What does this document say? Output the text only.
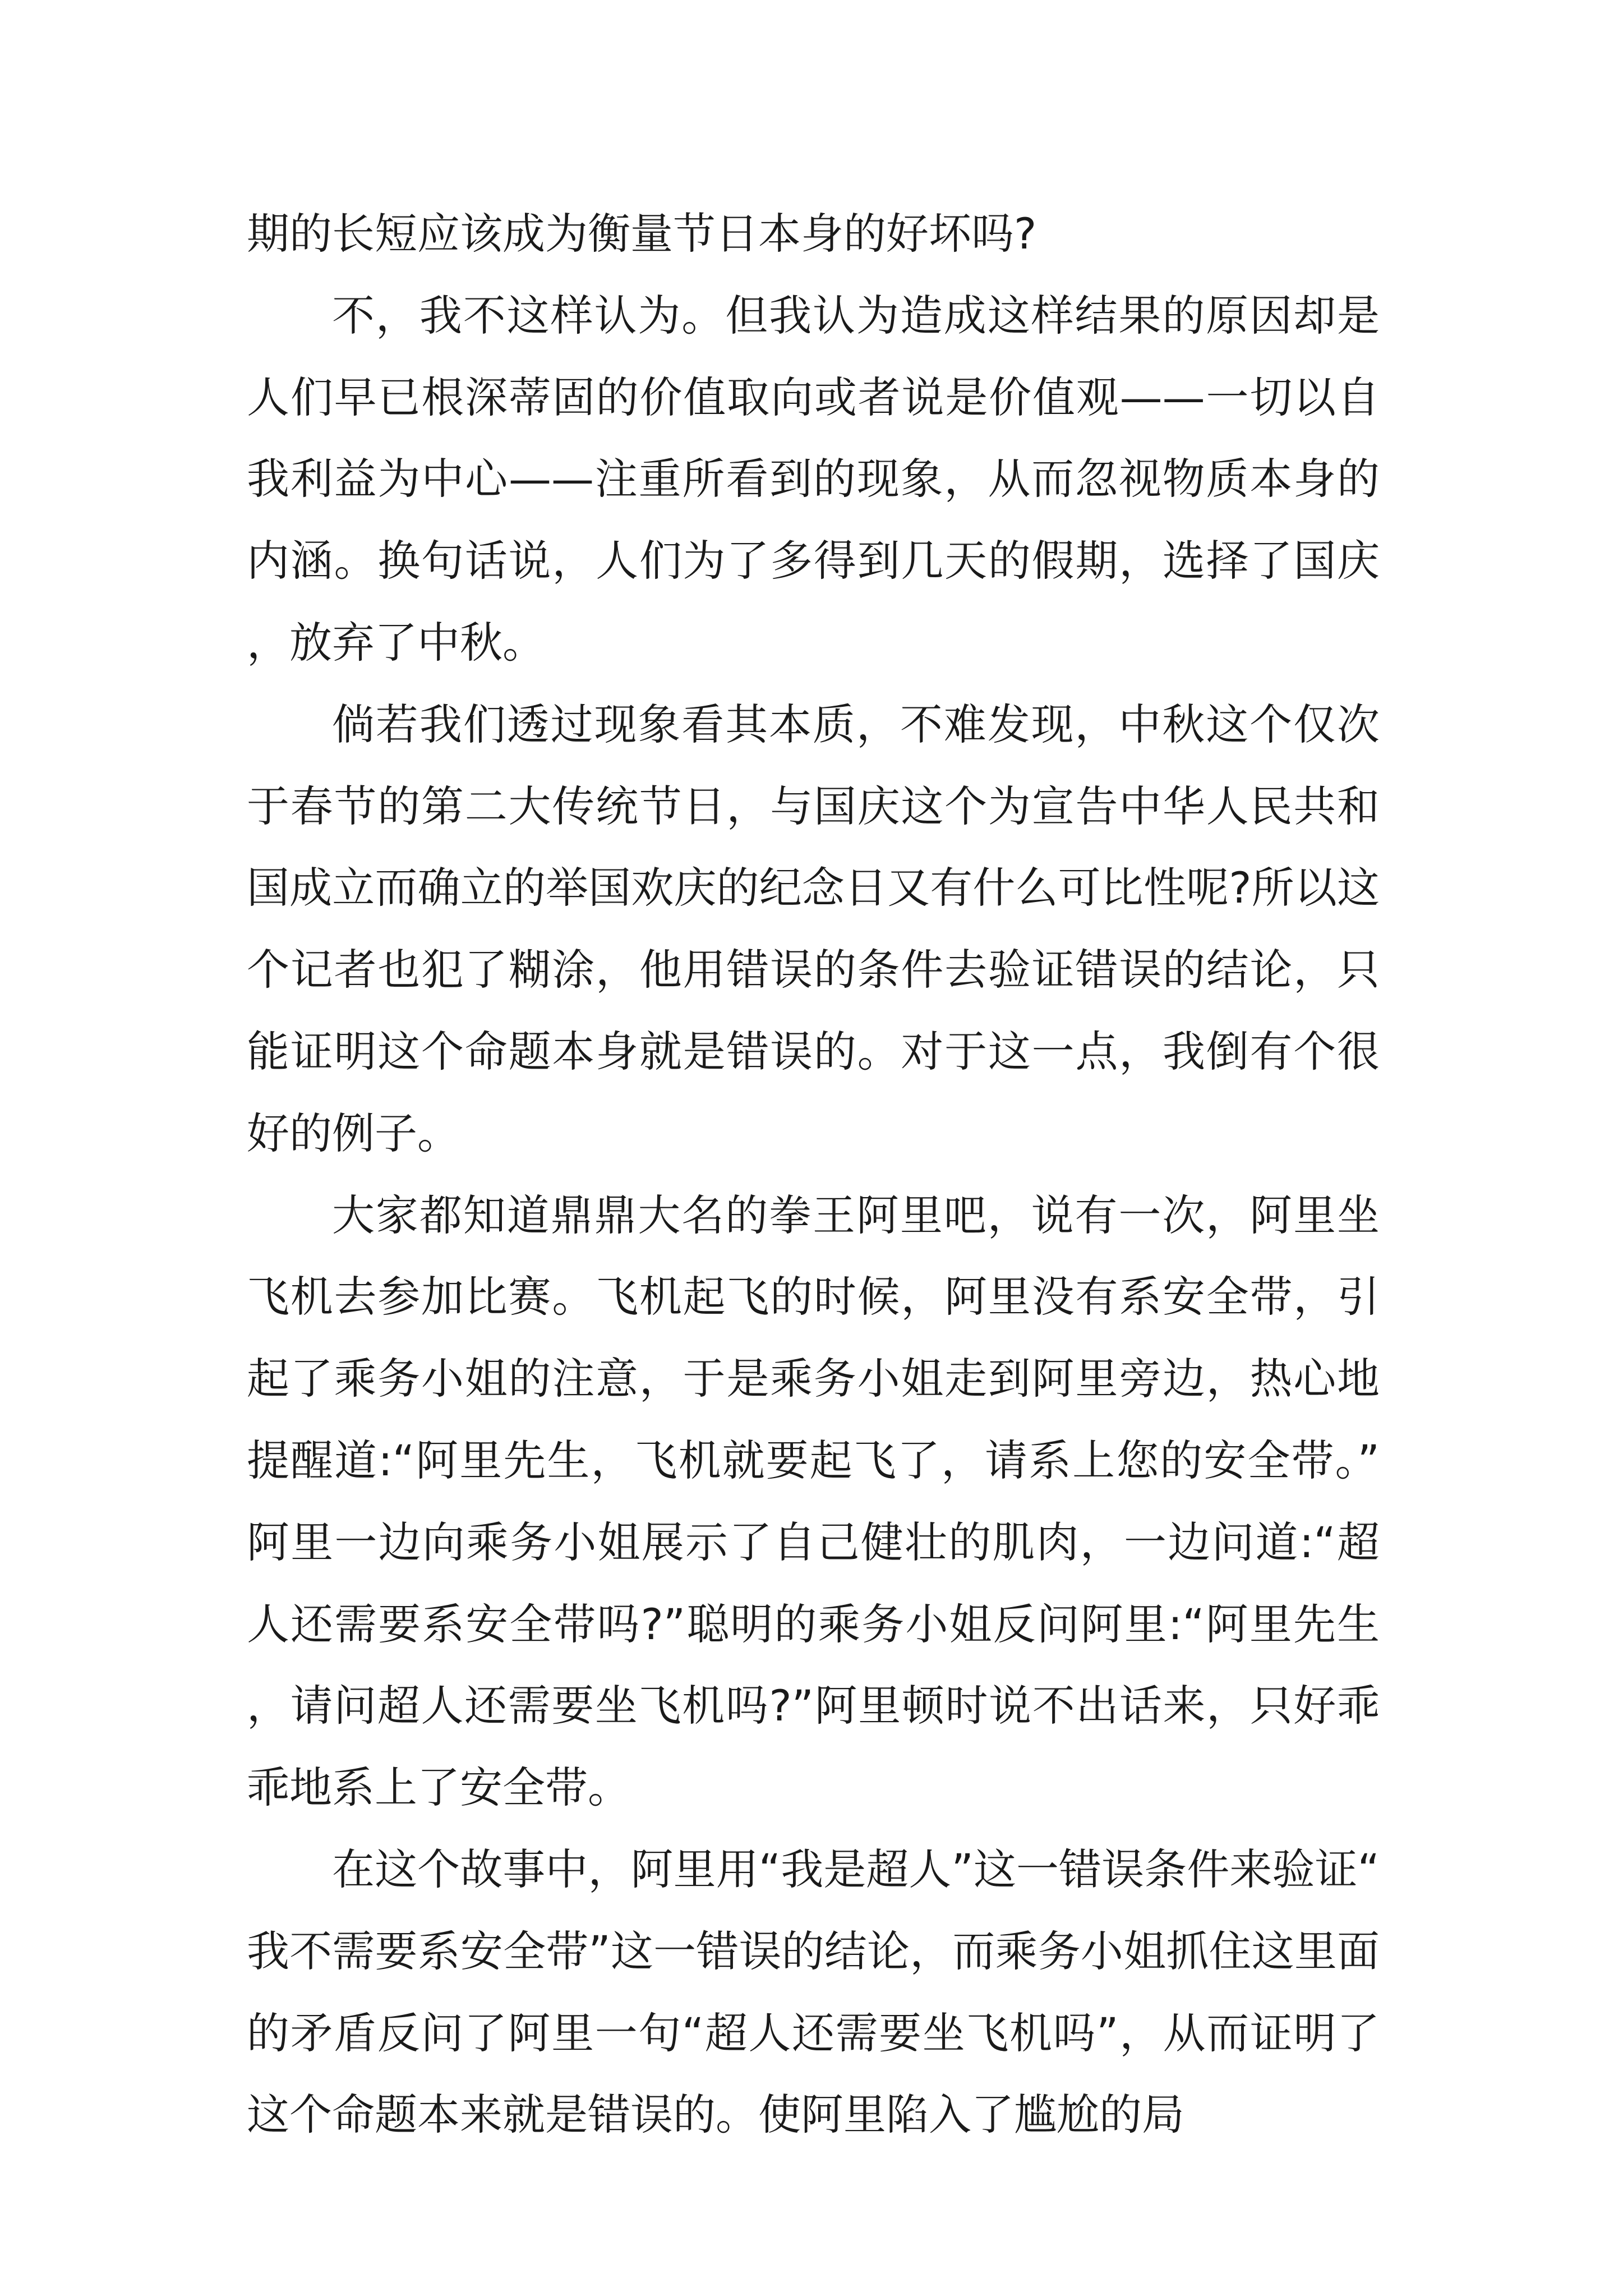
期的长短应该成为衡量节日本身的好坏吗?

不，我不这样认为。但我认为造成这样结果的原因却是人们早已根深蒂固的价值取向或者说是价值观——一切以自我利益为中心——注重所看到的现象，从而忽视物质本身的内涵。换句话说，人们为了多得到几天的假期，选择了国庆，放弃了中秋。

倘若我们透过现象看其本质，不难发现，中秋这个仅次于春节的第二大传统节日，与国庆这个为宣告中华人民共和国成立而确立的举国欢庆的纪念日又有什么可比性呢?所以这个记者也犯了糊涂，他用错误的条件去验证错误的结论，只能证明这个命题本身就是错误的。对于这一点，我倒有个很好的例子。

大家都知道鼎鼎大名的拳王阿里吧，说有一次，阿里坐飞机去参加比赛。飞机起飞的时候，阿里没有系安全带，引起了乘务小姐的注意，于是乘务小姐走到阿里旁边，热心地提醒道:“阿里先生，飞机就要起飞了，请系上您的安全带。”阿里一边向乘务小姐展示了自己健壮的肌肉，一边问道:“超人还需要系安全带吗?”聪明的乘务小姐反问阿里:“阿里先生，请问超人还需要坐飞机吗?”阿里顿时说不出话来，只好乖乖地系上了安全带。

在这个故事中，阿里用“我是超人”这一错误条件来验证“我不需要系安全带”这一错误的结论，而乘务小姐抓住这里面的矛盾反问了阿里一句“超人还需要坐飞机吗”，从而证明了这个命题本来就是错误的。使阿里陷入了尴尬的局
